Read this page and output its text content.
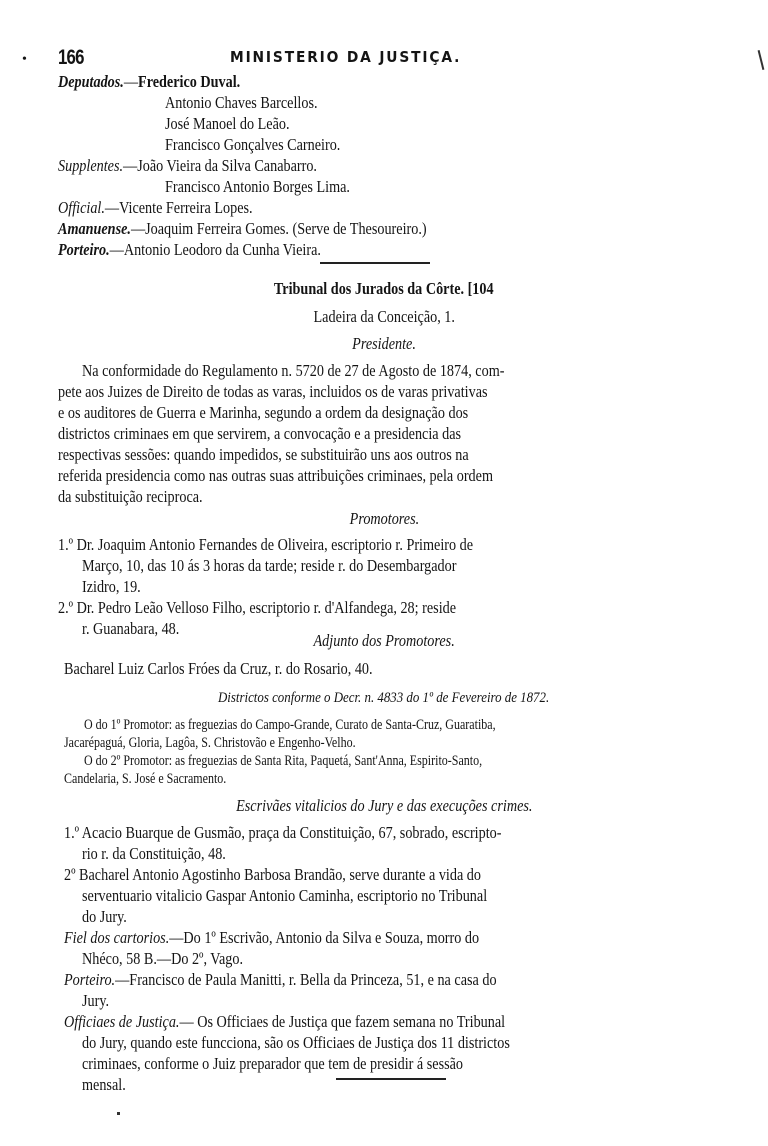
• 166	MINISTERIO DA JUSTIÇA.
Deputados.—Frederico Duval.
Antonio Chaves Barcellos.
José Manoel do Leão.
Francisco Gonçalves Carneiro.
Supplentes.—João Vieira da Silva Canabarro.
Francisco Antonio Borges Lima.
Official.—Vicente Ferreira Lopes.
Amanuense.—Joaquim Ferreira Gomes. (Serve de Thesoureiro.)
Porteiro.—Antonio Leodoro da Cunha Vieira.
Tribunal dos Jurados da Côrte. [104
Ladeira da Conceição, 1.
Presidente.
Na conformidade do Regulamento n. 5720 de 27 de Agosto de 1874, com-
pete aos Juizes de Direito de todas as varas, incluidos os de varas privativas
e os auditores de Guerra e Marinha, segundo a ordem da designação dos
districtos criminaes em que servirem, a convocação e a presidencia das
respectivas sessões: quando impedidos, se substituirão uns aos outros na
referida presidencia como nas outras suas attribuições criminaes, pela ordem
da substituição reciproca.
Promotores.
1.º Dr. Joaquim Antonio Fernandes de Oliveira, escriptorio r. Primeiro de
Março, 10, das 10 ás 3 horas da tarde; reside r. do Desembargador
Izidro, 19.
2.º Dr. Pedro Leão Velloso Filho, escriptorio r. d'Alfandega, 28; reside
r. Guanabara, 48.
Adjunto dos Promotores.
Bacharel Luiz Carlos Fróes da Cruz, r. do Rosario, 40.
Districtos conforme o Decr. n. 4833 do 1º de Fevereiro de 1872.
O do 1º Promotor: as freguezias do Campo-Grande, Curato de Santa-Cruz, Guaratiba,
Jacarépaguá, Gloria, Lagôa, S. Christovão e Engenho-Velho.
O do 2º Promotor: as freguezias de Santa Rita, Paquetá, Sant'Anna, Espirito-Santo,
Candelaria, S. José e Sacramento.
Escrivães vitalicios do Jury e das execuções crimes.
1.º Acacio Buarque de Gusmão, praça da Constituição, 67, sobrado, escripto-
rio r. da Constituição, 48.
2º Bacharel Antonio Agostinho Barbosa Brandão, serve durante a vida do
serventuario vitalicio Gaspar Antonio Caminha, escriptorio no Tribunal
do Jury.
Fiel dos cartorios.—Do 1º Escrivão, Antonio da Silva e Souza, morro do
Nhéco, 58 B.—Do 2º, Vago.
Porteiro.—Francisco de Paula Manitti, r. Bella da Princeza, 51, e na casa do
Jury.
Officiaes de Justiça.— Os Officiaes de Justiça que fazem semana no Tribunal
do Jury, quando este funcciona, são os Officiaes de Justiça dos 11 districtos
criminaes, conforme o Juiz preparador que tem de presidir á sessão
mensal.
